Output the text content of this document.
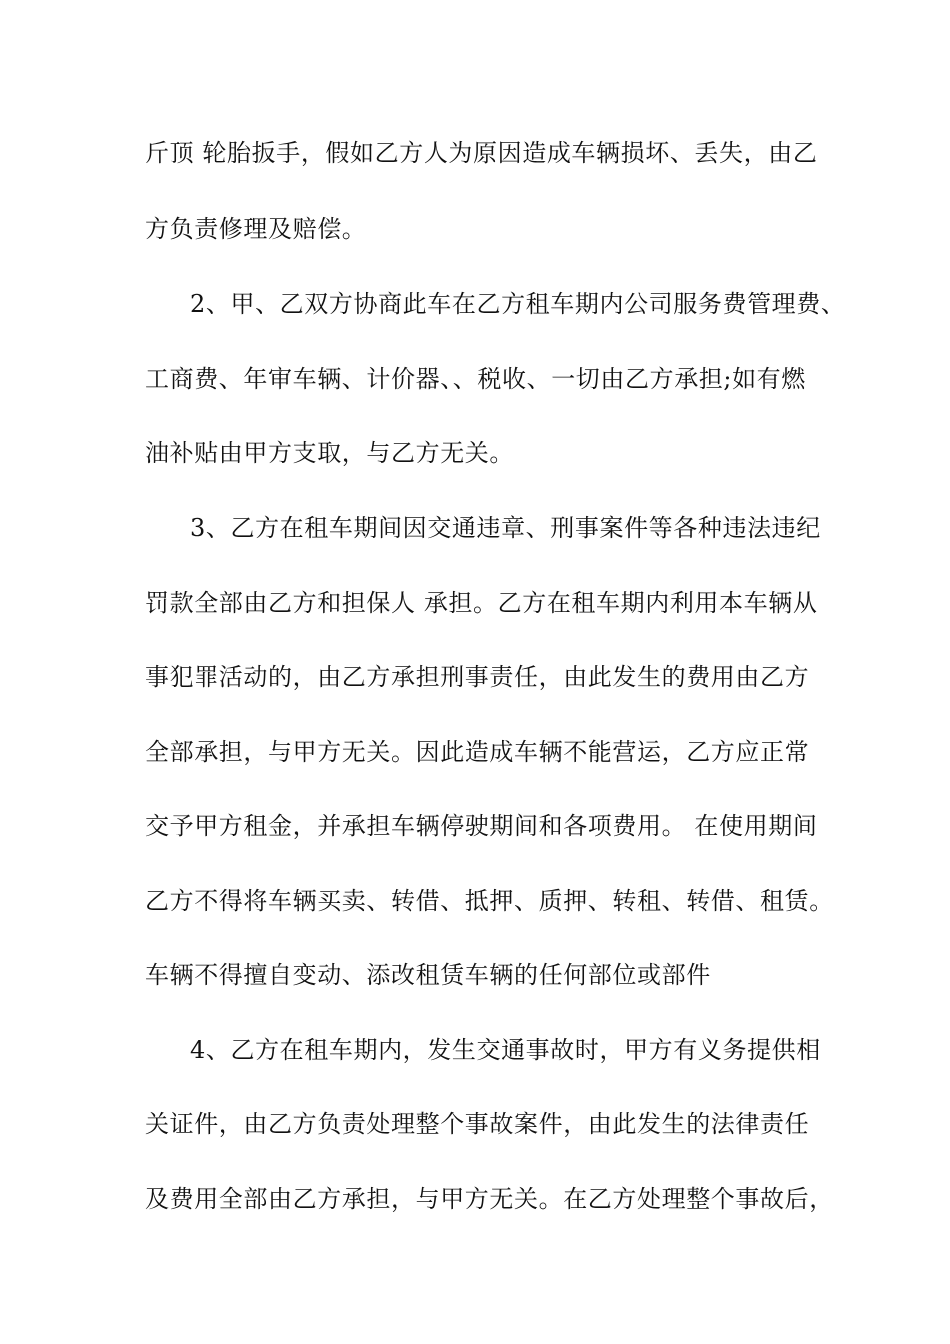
斤顶 轮胎扳手，假如乙方人为原因造成车辆损坏、丢失，由乙
方负责修理及赔偿。
2、甲、乙双方协商此车在乙方租车期内公司服务费管理费、
工商费、年审车辆、计价器、、税收、一切由乙方承担;如有燃
油补贴由甲方支取，与乙方无关。
3、乙方在租车期间因交通违章、刑事案件等各种违法违纪
罚款全部由乙方和担保人 承担。乙方在租车期内利用本车辆从
事犯罪活动的，由乙方承担刑事责任，由此发生的费用由乙方
全部承担，与甲方无关。因此造成车辆不能营运，乙方应正常
交予甲方租金，并承担车辆停驶期间和各项费用。 在使用期间
乙方不得将车辆买卖、转借、抵押、质押、转租、转借、租赁。
车辆不得擅自变动、添改租赁车辆的任何部位或部件
4、乙方在租车期内，发生交通事故时，甲方有义务提供相
关证件，由乙方负责处理整个事故案件，由此发生的法律责任
及费用全部由乙方承担，与甲方无关。在乙方处理整个事故后，
